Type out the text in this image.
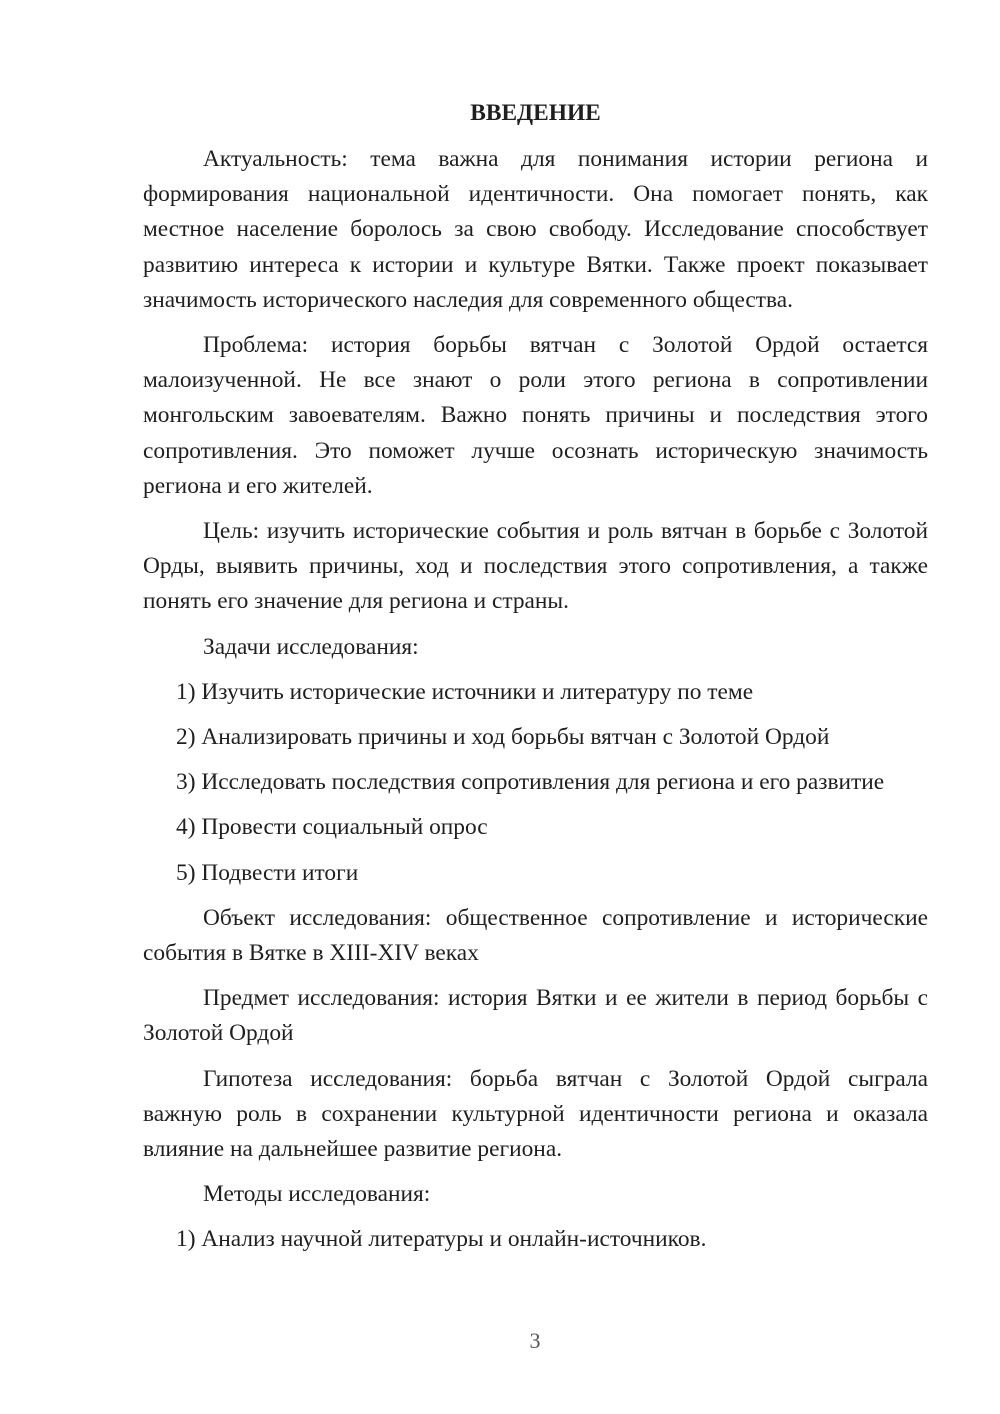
ВВЕДЕНИЕ

Актуальность: тема важна для понимания истории региона и формирования национальной идентичности. Она помогает понять, как местное население боролось за свою свободу. Исследование способствует развитию интереса к истории и культуре Вятки. Также проект показывает значимость исторического наследия для современного общества.

Проблема: история борьбы вятчан с Золотой Ордой остается малоизученной. Не все знают о роли этого региона в сопротивлении монгольским завоевателям. Важно понять причины и последствия этого сопротивления. Это поможет лучше осознать историческую значимость региона и его жителей.

Цель: изучить исторические события и роль вятчан в борьбе с Золотой Орды, выявить причины, ход и последствия этого сопротивления, а также понять его значение для региона и страны.

Задачи исследования:

1) Изучить исторические источники и литературу по теме

2) Анализировать причины и ход борьбы вятчан с Золотой Ордой

3) Исследовать последствия сопротивления для региона и его развитие

4) Провести социальный опрос

5) Подвести итоги

Объект исследования: общественное сопротивление и исторические события в Вятке в XIII-XIV веках

Предмет исследования: история Вятки и ее жители в период борьбы с Золотой Ордой

Гипотеза исследования: борьба вятчан с Золотой Ордой сыграла важную роль в сохранении культурной идентичности региона и оказала влияние на дальнейшее развитие региона.

Методы исследования:

1) Анализ научной литературы и онлайн-источников.

3
